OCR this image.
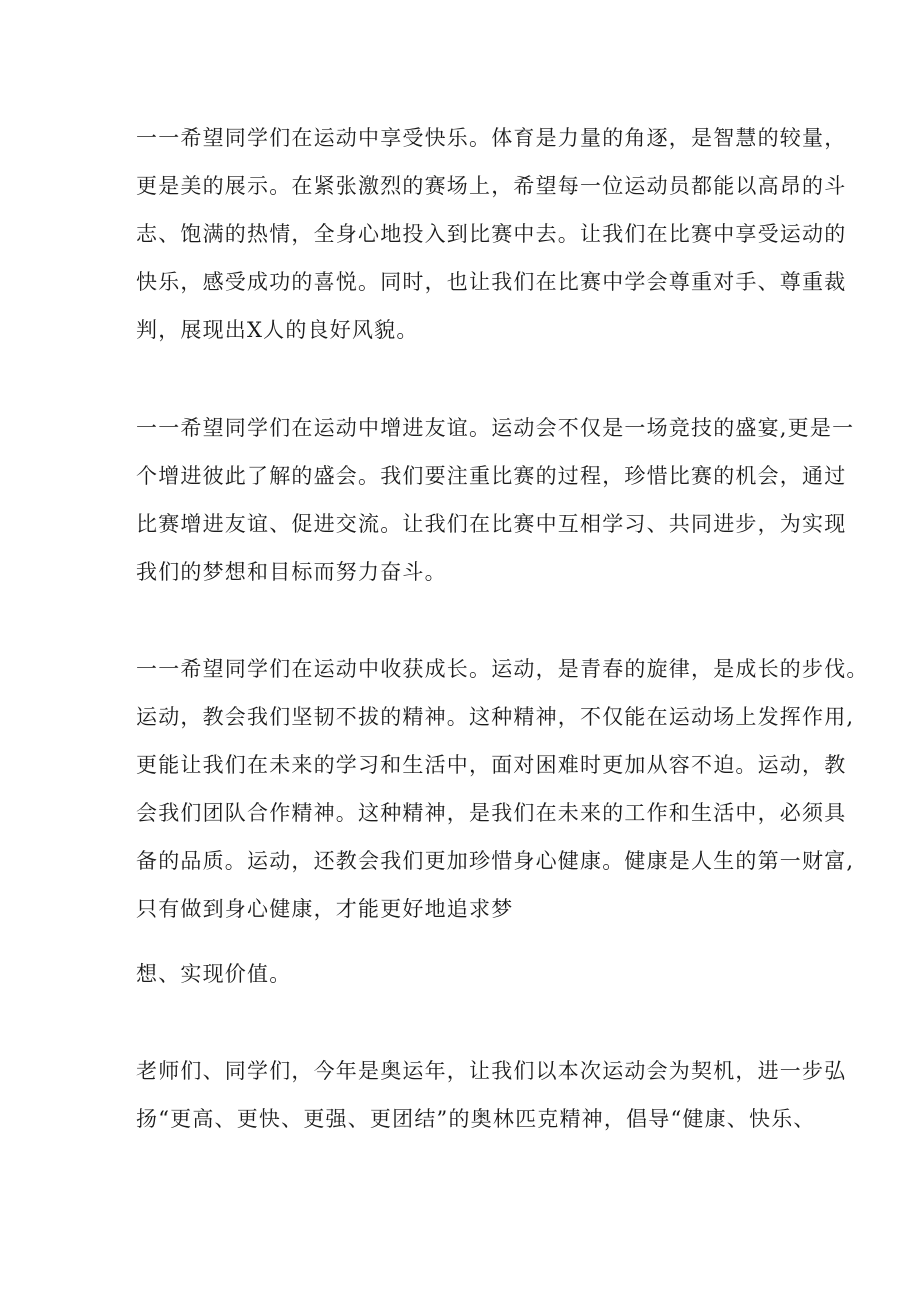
一一希望同学们在运动中享受快乐。体育是力量的角逐，是智慧的较量，
更是美的展示。在紧张激烈的赛场上，希望每一位运动员都能以高昂的斗
志、饱满的热情，全身心地投入到比赛中去。让我们在比赛中享受运动的
快乐，感受成功的喜悦。同时，也让我们在比赛中学会尊重对手、尊重裁
判，展现出X人的良好风貌。
一一希望同学们在运动中增进友谊。运动会不仅是一场竞技的盛宴,更是一
个增进彼此了解的盛会。我们要注重比赛的过程，珍惜比赛的机会，通过
比赛增进友谊、促进交流。让我们在比赛中互相学习、共同进步，为实现
我们的梦想和目标而努力奋斗。
一一希望同学们在运动中收获成长。运动，是青春的旋律，是成长的步伐。
运动，教会我们坚韧不拔的精神。这种精神，不仅能在运动场上发挥作用,
更能让我们在未来的学习和生活中，面对困难时更加从容不迫。运动，教
会我们团队合作精神。这种精神，是我们在未来的工作和生活中，必须具
备的品质。运动，还教会我们更加珍惜身心健康。健康是人生的第一财富,
只有做到身心健康，才能更好地追求梦
想、实现价值。
老师们、同学们，今年是奥运年，让我们以本次运动会为契机，进一步弘
扬“更高、更快、更强、更团结”的奥林匹克精神，倡导“健康、快乐、
